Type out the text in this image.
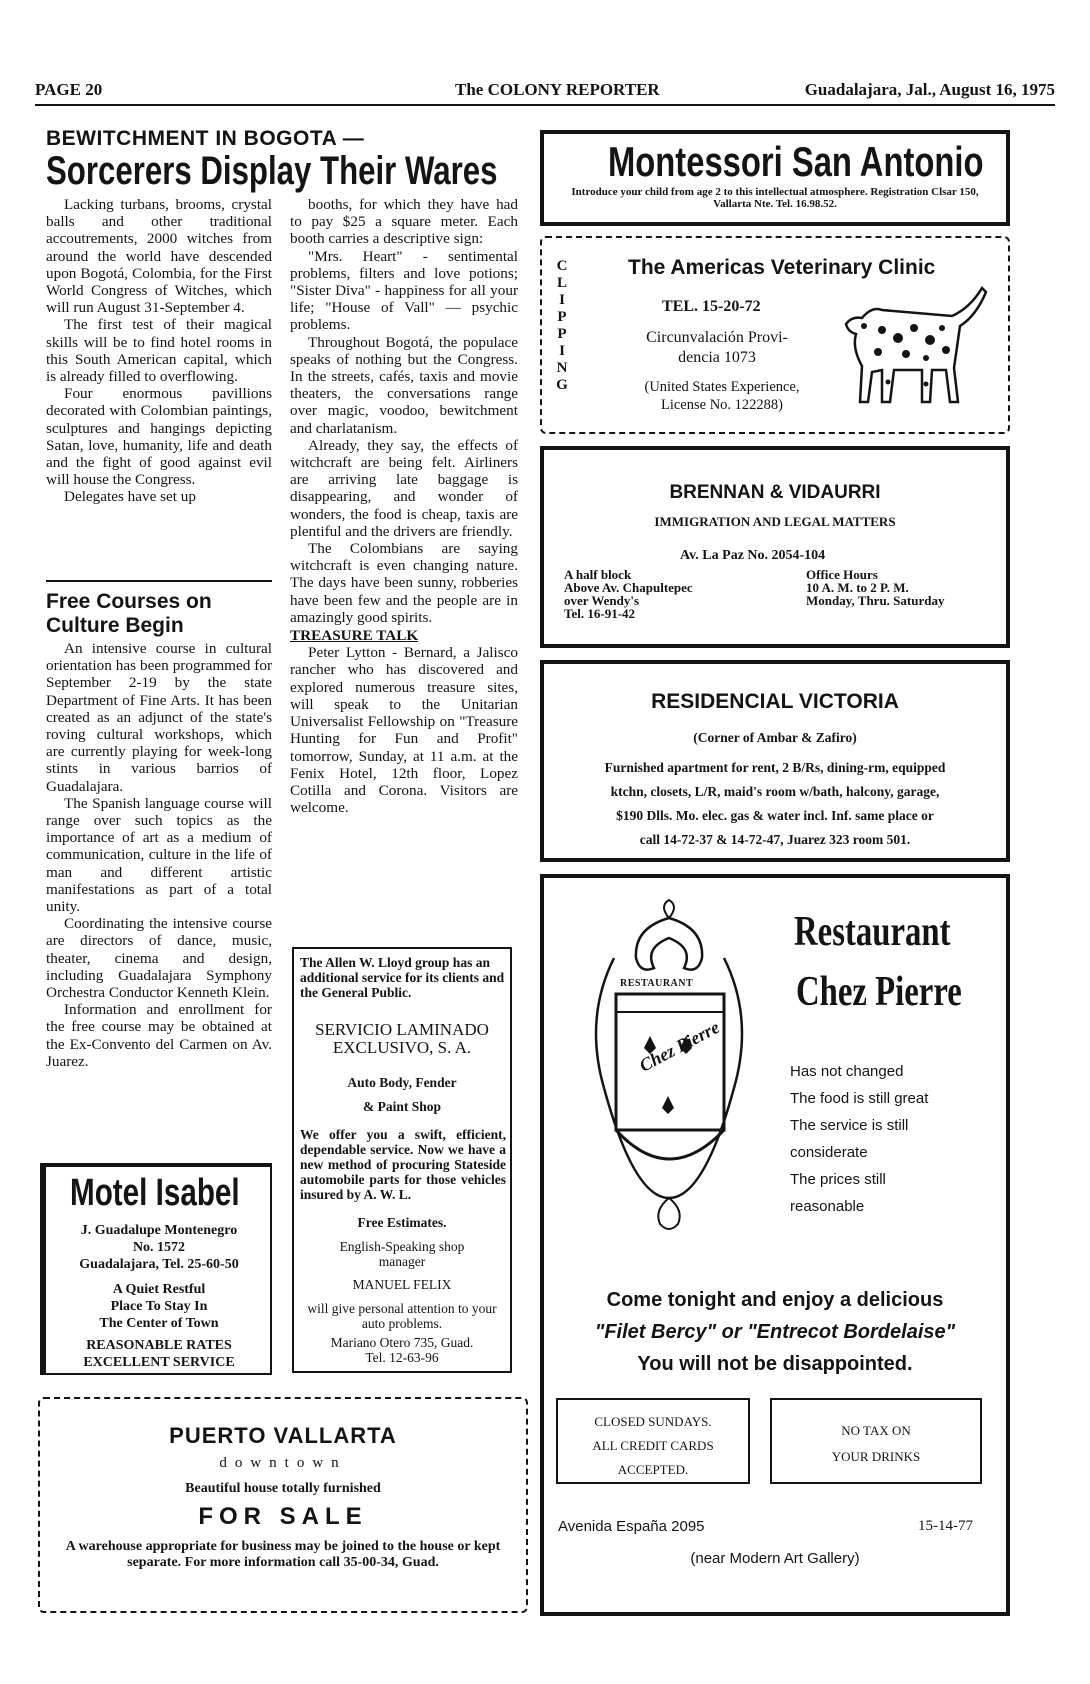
PAGE 20	The COLONY REPORTER	Guadalajara, Jal., August 16, 1975
BEWITCHMENT IN BOGOTA —
Sorcerers Display Their Wares

Lacking turbans, brooms, crystal balls and other traditional accoutrements, 2000 witches from around the world have descended upon Bogotá, Colombia, for the First World Congress of Witches, which will run August 31-September 4.

The first test of their magical skills will be to find hotel rooms in this South American capital, which is already filled to overflowing.

Four enormous pavillions decorated with Colombian paintings, sculptures and hangings depicting Satan, love, humanity, life and death and the fight of good against evil will house the Congress.

Delegates have set up

Free Courses on
Culture Begin

An intensive course in cultural orientation has been programmed for September 2-19 by the state Department of Fine Arts. It has been created as an adjunct of the state's roving cultural workshops, which are currently playing for week-long stints in various barrios of Guadalajara.

The Spanish language course will range over such topics as the importance of art as a medium of communication, culture in the life of man and different artistic manifestations as part of a total unity.

Coordinating the intensive course are directors of dance, music, theater, cinema and design, including Guadalajara Symphony Orchestra Conductor Kenneth Klein.

Information and enrollment for the free course may be obtained at the Ex-Convento del Carmen on Av. Juarez.

booths, for which they have had to pay $25 a square meter. Each booth carries a descriptive sign:

"Mrs. Heart" - sentimental problems, filters and love potions; "Sister Diva" - happiness for all your life; "House of Vall" — psychic problems.

Throughout Bogotá, the populace speaks of nothing but the Congress. In the streets, cafés, taxis and movie theaters, the conversations range over magic, voodoo, bewitchment and charlatanism.

Already, they say, the effects of witchcraft are being felt. Airliners are arriving late baggage is disappearing, and wonder of wonders, the food is cheap, taxis are plentiful and the drivers are friendly.

The Colombians are saying witchcraft is even changing nature. The days have been sunny, robberies have been few and the people are in amazingly good spirits.

TREASURE TALK

Peter Lytton - Bernard, a Jalisco rancher who has discovered and explored numerous treasure sites, will speak to the Unitarian Universalist Fellowship on "Treasure Hunting for Fun and Profit" tomorrow, Sunday, at 11 a.m. at the Fenix Hotel, 12th floor, Lopez Cotilla and Corona. Visitors are welcome.

Motel Isabel
J. Guadalupe Montenegro
No. 1572
Guadalajara, Tel. 25-60-50
A Quiet Restful
Place To Stay In
The Center of Town
REASONABLE RATES
EXCELLENT SERVICE
The Allen W. Lloyd group has an additional service for its clients and the General Public.
SERVICIO LAMINADO
EXCLUSIVO, S. A.
Auto Body, Fender
& Paint Shop
We offer you a swift, efficient, dependable service. Now we have a new method of procuring Stateside automobile parts for those vehicles insured by A. W. L.
Free Estimates.
English-Speaking shop
manager
MANUEL FELIX
will give personal attention to your auto problems.
Mariano Otero 735, Guad.
Tel. 12-63-96
PUERTO VALLARTA
downtown
Beautiful house totally furnished
FOR SALE
A warehouse appropriate for business may be joined to the house or kept separate. For more information call 35-00-34, Guad.
Montessori San Antonio
Introduce your child from age 2 to this intellectual atmosphere. Registration Clsar 150, Vallarta Nte. Tel. 16.98.52.
C
L
I
P
P
I
N
G
The Americas Veterinary Clinic
TEL. 15-20-72
Circunvalación Provi-
dencia 1073
(United States Experience,
License No. 122288)
BRENNAN & VIDAURRI
IMMIGRATION AND LEGAL MATTERS
Av. La Paz No. 2054-104
A half block
Above Av. Chapultepec
over Wendy's
Tel. 16-91-42
Office Hours
10 A. M. to 2 P. M.
Monday, Thru. Saturday
RESIDENCIAL VICTORIA
(Corner of Ambar & Zafiro)
Furnished apartment for rent, 2 B/Rs, dining-rm, equipped
ktchn, closets, L/R, maid's room w/bath, halcony, garage,
$190 Dlls. Mo. elec. gas & water incl. Inf. same place or
call 14-72-37 & 14-72-47, Juarez 323 room 501.
RESTAURANT
Chez Pierre
Restaurant
Chez Pierre
Has not changed
The food is still great
The service is still
considerate
The prices still
reasonable
Come tonight and enjoy a delicious
"Filet Bercy" or "Entrecot Bordelaise"
You will not be disappointed.
CLOSED SUNDAYS.
ALL CREDIT CARDS
ACCEPTED.
NO TAX ON
YOUR DRINKS
Avenida España 2095	15-14-77
(near Modern Art Gallery)
